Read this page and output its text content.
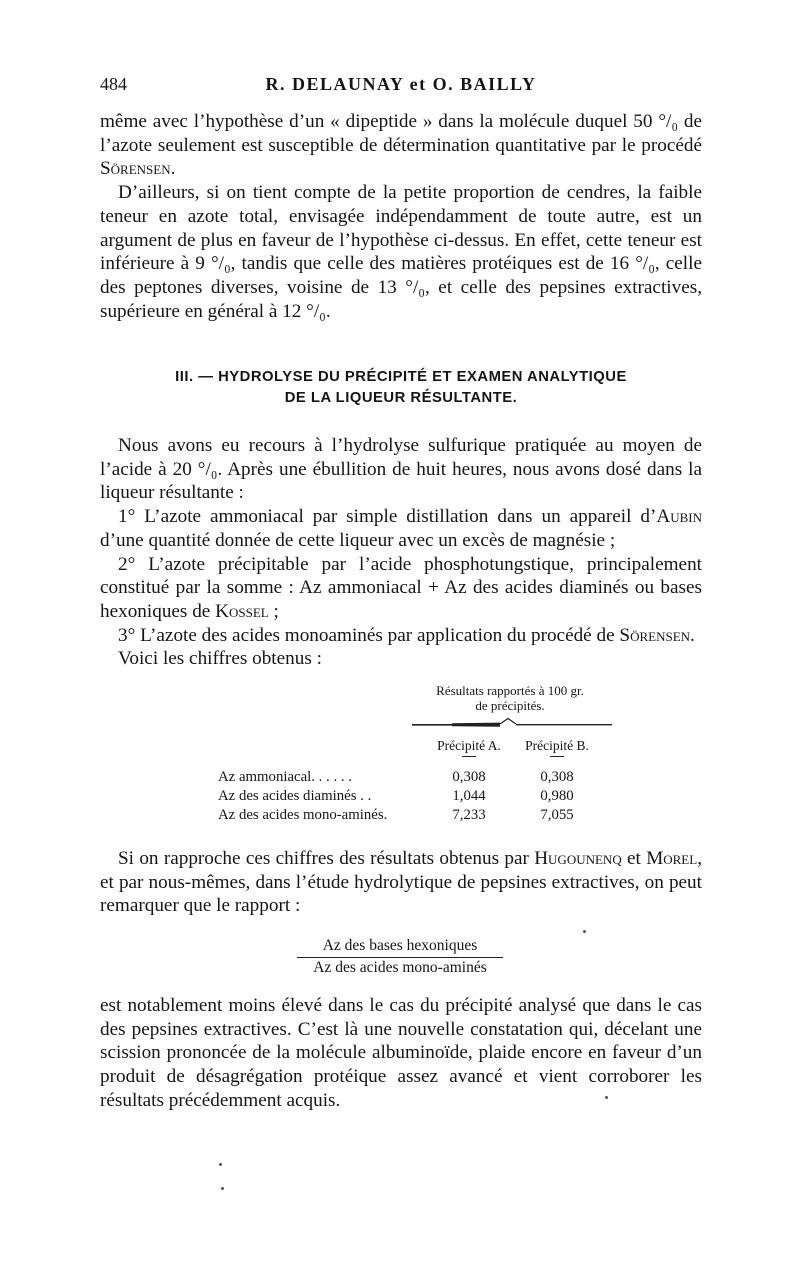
484	R. DELAUNAY et O. BAILLY

même avec l’hypothèse d’un « dipeptide » dans la molécule duquel 50 °/₀ de l’azote seulement est susceptible de détermination quantitative par le procédé Sörensen.

D’ailleurs, si on tient compte de la petite proportion de cendres, la faible teneur en azote total, envisagée indépendamment de toute autre, est un argument de plus en faveur de l’hypothèse ci-dessus. En effet, cette teneur est inférieure à 9 °/₀, tandis que celle des matières protéiques est de 16 °/₀, celle des peptones diverses, voisine de 13 °/₀, et celle des pepsines extractives, supérieure en général à 12 °/₀.

III. — HYDROLYSE DU PRÉCIPITÉ ET EXAMEN ANALYTIQUE
DE LA LIQUEUR RÉSULTANTE.

Nous avons eu recours à l’hydrolyse sulfurique pratiquée au moyen de l’acide à 20 °/₀. Après une ébullition de huit heures, nous avons dosé dans la liqueur résultante :

1° L’azote ammoniacal par simple distillation dans un appareil d’Aubin d’une quantité donnée de cette liqueur avec un excès de magnésie ;

2° L’azote précipitable par l’acide phosphotungstique, principalement constitué par la somme : Az ammoniacal + Az des acides diaminés ou bases hexoniques de Kossel ;

3° L’azote des acides monoaminés par application du procédé de Sörensen.

Voici les chiffres obtenus :

Résultats rapportés à 100 gr.
de précipités.
	Précipité A.	Précipité B.

Az ammoniacal. . . . . .	0,308	0,308
Az des acides diaminés . .	1,044	0,980
Az des acides mono-aminés.	7,233	7,055

Si on rapproche ces chiffres des résultats obtenus par Hugounenq et Morel, et par nous-mêmes, dans l’étude hydrolytique de pepsines extractives, on peut remarquer que le rapport :

Az des bases hexoniques
Az des acides mono-aminés

est notablement moins élevé dans le cas du précipité analysé que dans le cas des pepsines extractives. C’est là une nouvelle constatation qui, décelant une scission prononcée de la molécule albuminoïde, plaide encore en faveur d’un produit de désagrégation protéique assez avancé et vient corroborer les résultats précédemment acquis.
